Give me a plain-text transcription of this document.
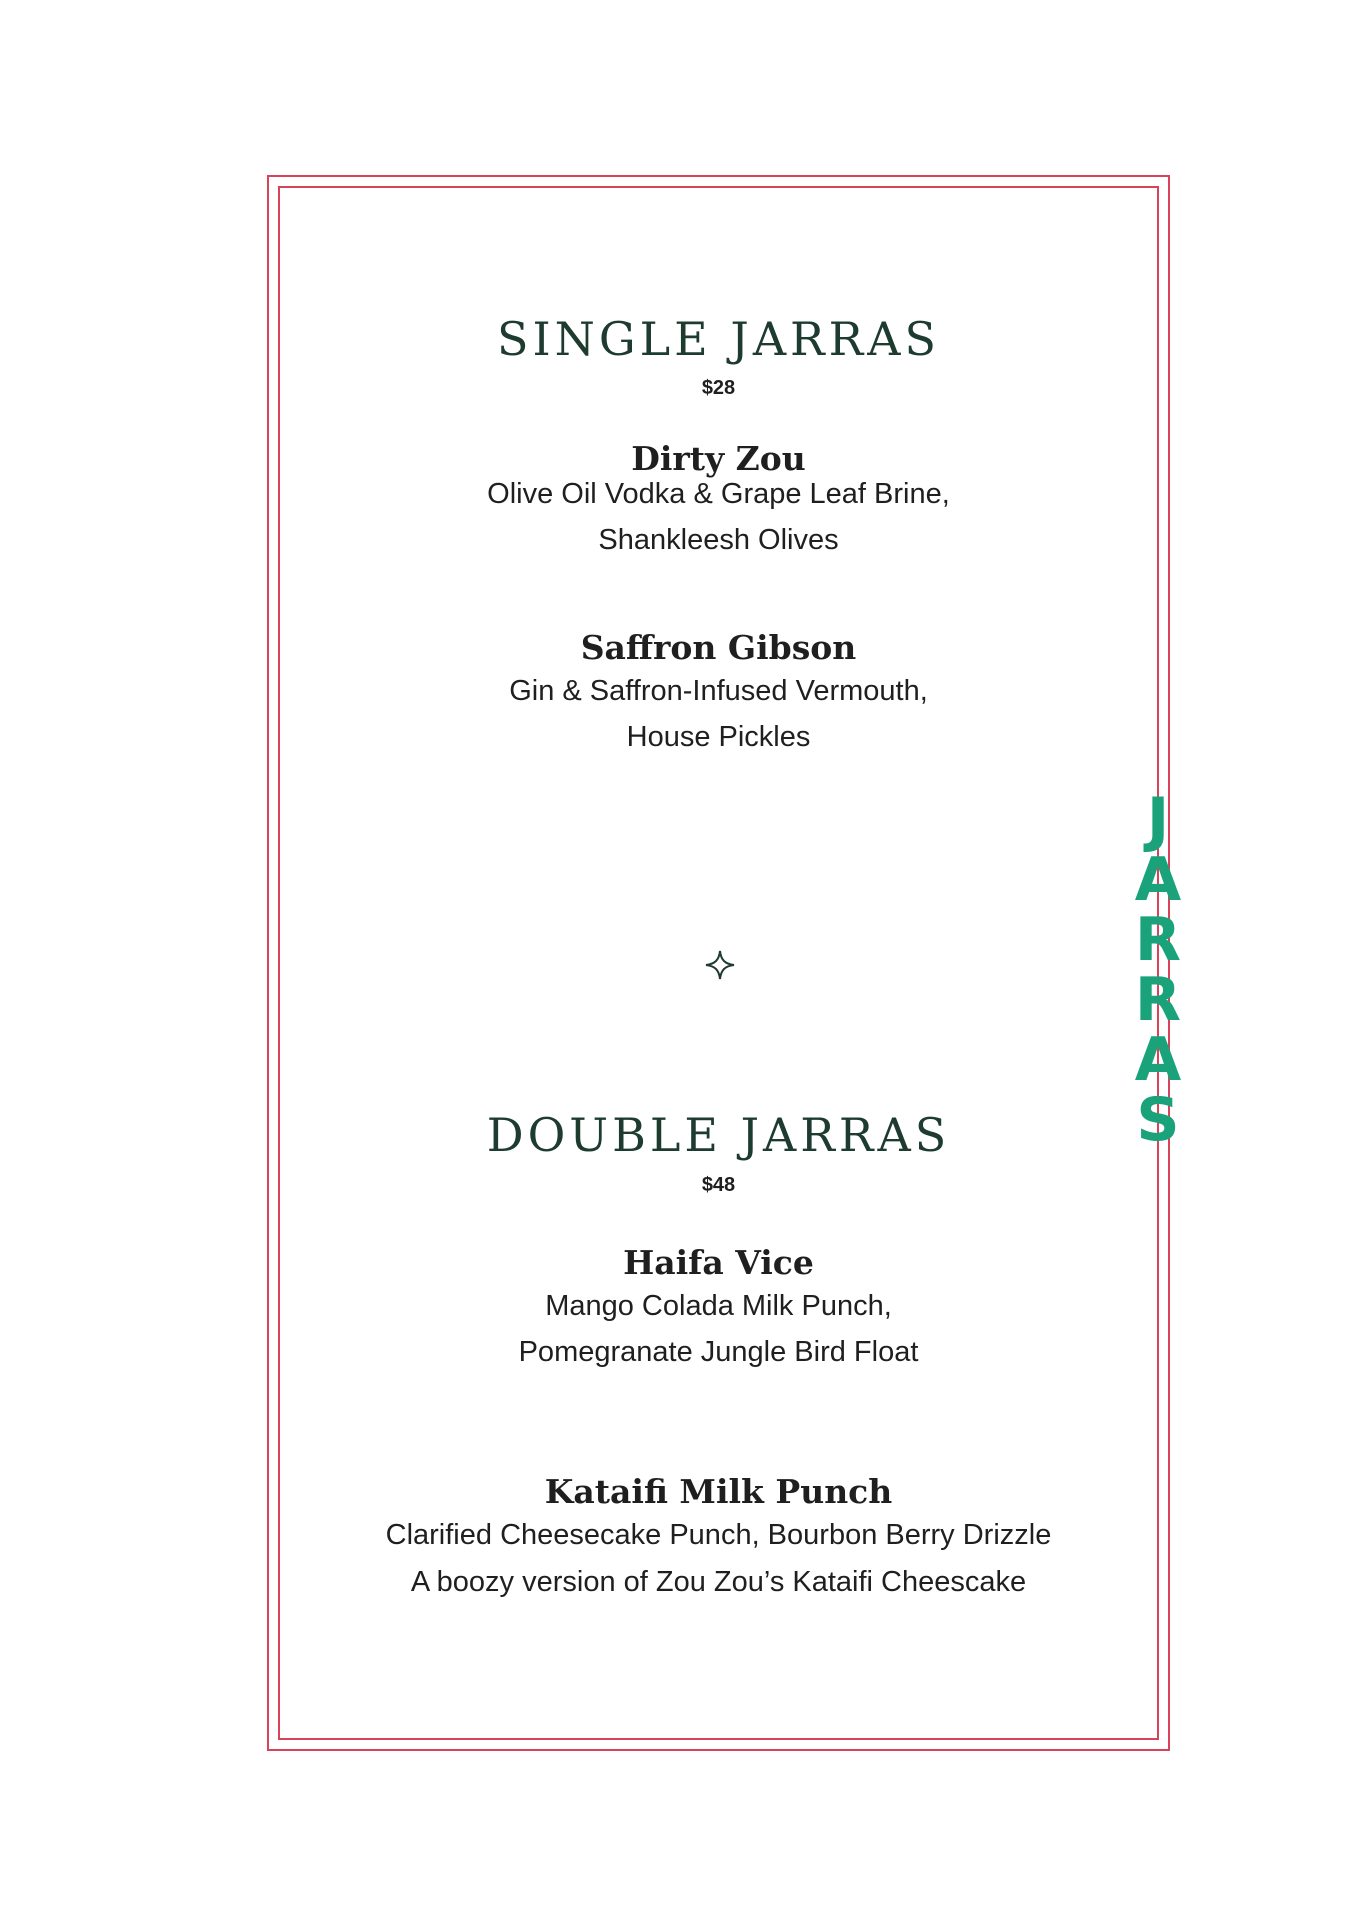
SINGLE JARRAS
$28
Dirty Zou
Olive Oil Vodka & Grape Leaf Brine,
Shankleesh Olives
Saffron Gibson
Gin & Saffron-Infused Vermouth,
House Pickles
DOUBLE JARRAS
$48
Haifa Vice
Mango Colada Milk Punch,
Pomegranate Jungle Bird Float
Kataifi Milk Punch
Clarified Cheesecake Punch, Bourbon Berry Drizzle
A boozy version of Zou Zou’s Kataifi Cheescake
J
A
R
R
A
S
